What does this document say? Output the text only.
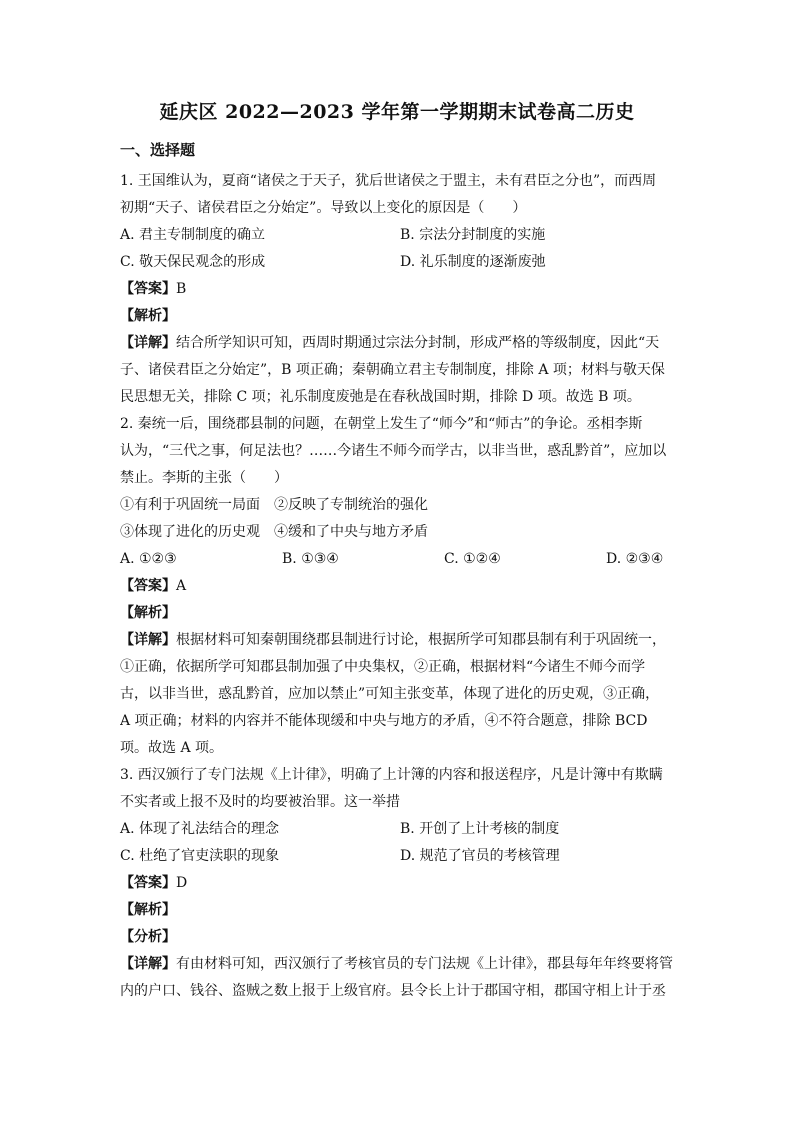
延庆区 2022—2023 学年第一学期期末试卷高二历史
一、选择题
1. 王国维认为，夏商“诸侯之于天子，犹后世诸侯之于盟主，未有君臣之分也”，而西周
初期“天子、诸侯君臣之分始定”。导致以上变化的原因是（　　）
A. 君主专制制度的确立	B. 宗法分封制度的实施
C. 敬天保民观念的形成	D. 礼乐制度的逐渐废弛
【答案】B
【解析】
【详解】结合所学知识可知，西周时期通过宗法分封制，形成严格的等级制度，因此“天
子、诸侯君臣之分始定”，B 项正确；秦朝确立君主专制制度，排除 A 项；材料与敬天保
民思想无关，排除 C 项；礼乐制度废弛是在春秋战国时期，排除 D 项。故选 B 项。
2. 秦统一后，围绕郡县制的问题，在朝堂上发生了“师今”和“师古”的争论。丞相李斯
认为，“三代之事，何足法也？……今诸生不师今而学古，以非当世，惑乱黔首”，应加以
禁止。李斯的主张（　　）
①有利于巩固统一局面　②反映了专制统治的强化
③体现了进化的历史观　④缓和了中央与地方矛盾
A. ①②③	B. ①③④	C. ①②④	D. ②③④
【答案】A
【解析】
【详解】根据材料可知秦朝围绕郡县制进行讨论，根据所学可知郡县制有利于巩固统一，
①正确，依据所学可知郡县制加强了中央集权，②正确，根据材料“今诸生不师今而学
古，以非当世，惑乱黔首，应加以禁止”可知主张变革，体现了进化的历史观，③正确，
A 项正确；材料的内容并不能体现缓和中央与地方的矛盾，④不符合题意，排除 BCD
项。故选 A 项。
3. 西汉颁行了专门法规《上计律》，明确了上计簿的内容和报送程序，凡是计簿中有欺瞒
不实者或上报不及时的均要被治罪。这一举措
A. 体现了礼法结合的理念	B. 开创了上计考核的制度
C. 杜绝了官吏渎职的现象	D. 规范了官员的考核管理
【答案】D
【解析】
【分析】
【详解】有由材料可知，西汉颁行了考核官员的专门法规《上计律》，郡县每年年终要将管
内的户口、钱谷、盗贼之数上报于上级官府。县令长上计于郡国守相，郡国守相上计于丞
